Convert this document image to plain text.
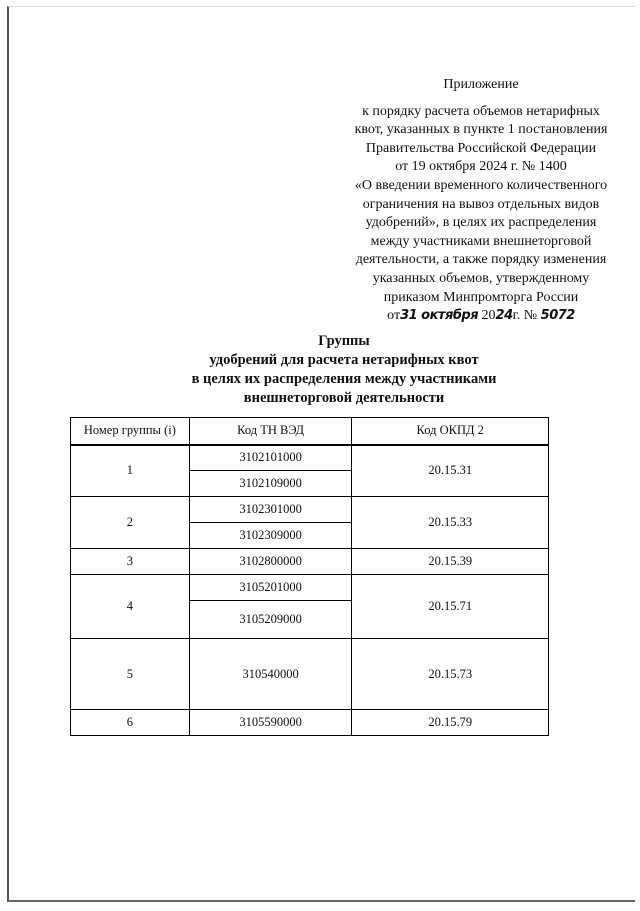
Приложение
к порядку расчета объемов нетарифных
квот, указанных в пункте 1 постановления
Правительства Российской Федерации
от 19 октября 2024 г. № 1400
«О введении временного количественного
ограничения на вывоз отдельных видов
удобрений», в целях их распределения
между участниками внешнеторговой
деятельности, а также порядку изменения
указанных объемов, утвержденному
приказом Минпромторга России
от31 октября 2024г. № 5072
Группы
удобрений для расчета нетарифных квот
в целях их распределения между участниками
внешнеторговой деятельности
Номер группы (i)	Код ТН ВЭД	Код ОКПД 2
1	3102101000	20.15.31
	3102109000	
2	3102301000	20.15.33
	3102309000	
3	3102800000	20.15.39
4	3105201000	20.15.71
	3105209000	
5	310540000	20.15.73
6	3105590000	20.15.79
